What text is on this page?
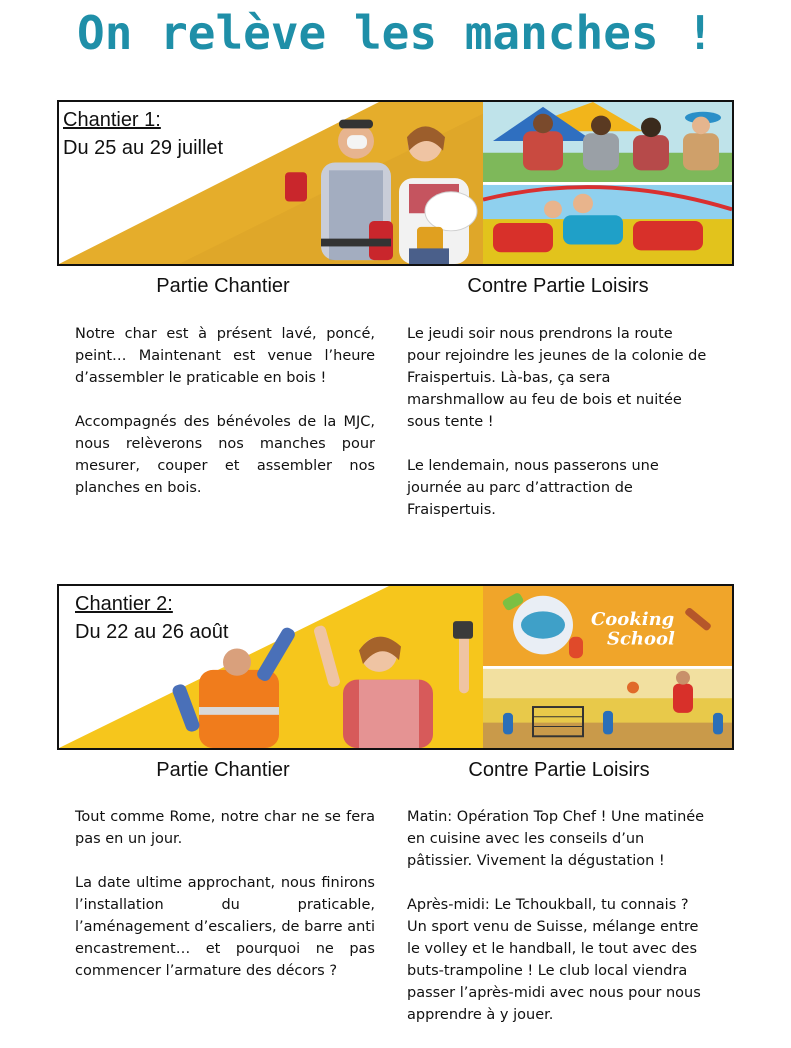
On relève les manches !
Chantier 1:
Du 25 au 29 juillet
Partie Chantier	Contre Partie Loisirs

Notre char est à présent lavé, poncé, peint… Maintenant est venue l’heure d’assembler le praticable en bois !

Accompagnés des bénévoles de la MJC, nous relèverons nos manches pour mesurer, couper et assembler nos planches en bois.

Le jeudi soir nous prendrons la route pour rejoindre les jeunes de la colonie de Fraispertuis. Là-bas, ça sera marshmallow au feu de bois et nuitée sous tente !

Le lendemain, nous passerons une journée au parc d’attraction de Fraispertuis.

Cooking
School
Chantier 2:
Du 22 au 26 août
Partie Chantier	Contre Partie Loisirs

Tout comme Rome, notre char ne se fera pas en un jour.

La date ultime approchant, nous finirons l’installation du praticable, l’aménagement d’escaliers, de barre anti encastrement… et pourquoi ne pas commencer l’armature des décors ?

Matin: Opération Top Chef ! Une matinée en cuisine avec les conseils d’un pâtissier. Vivement la dégustation !

Après-midi: Le Tchoukball, tu connais ? Un sport venu de Suisse, mélange entre le volley et le handball, le tout avec des buts-trampoline ! Le club local viendra passer l’après-midi avec nous pour nous apprendre à y jouer.
